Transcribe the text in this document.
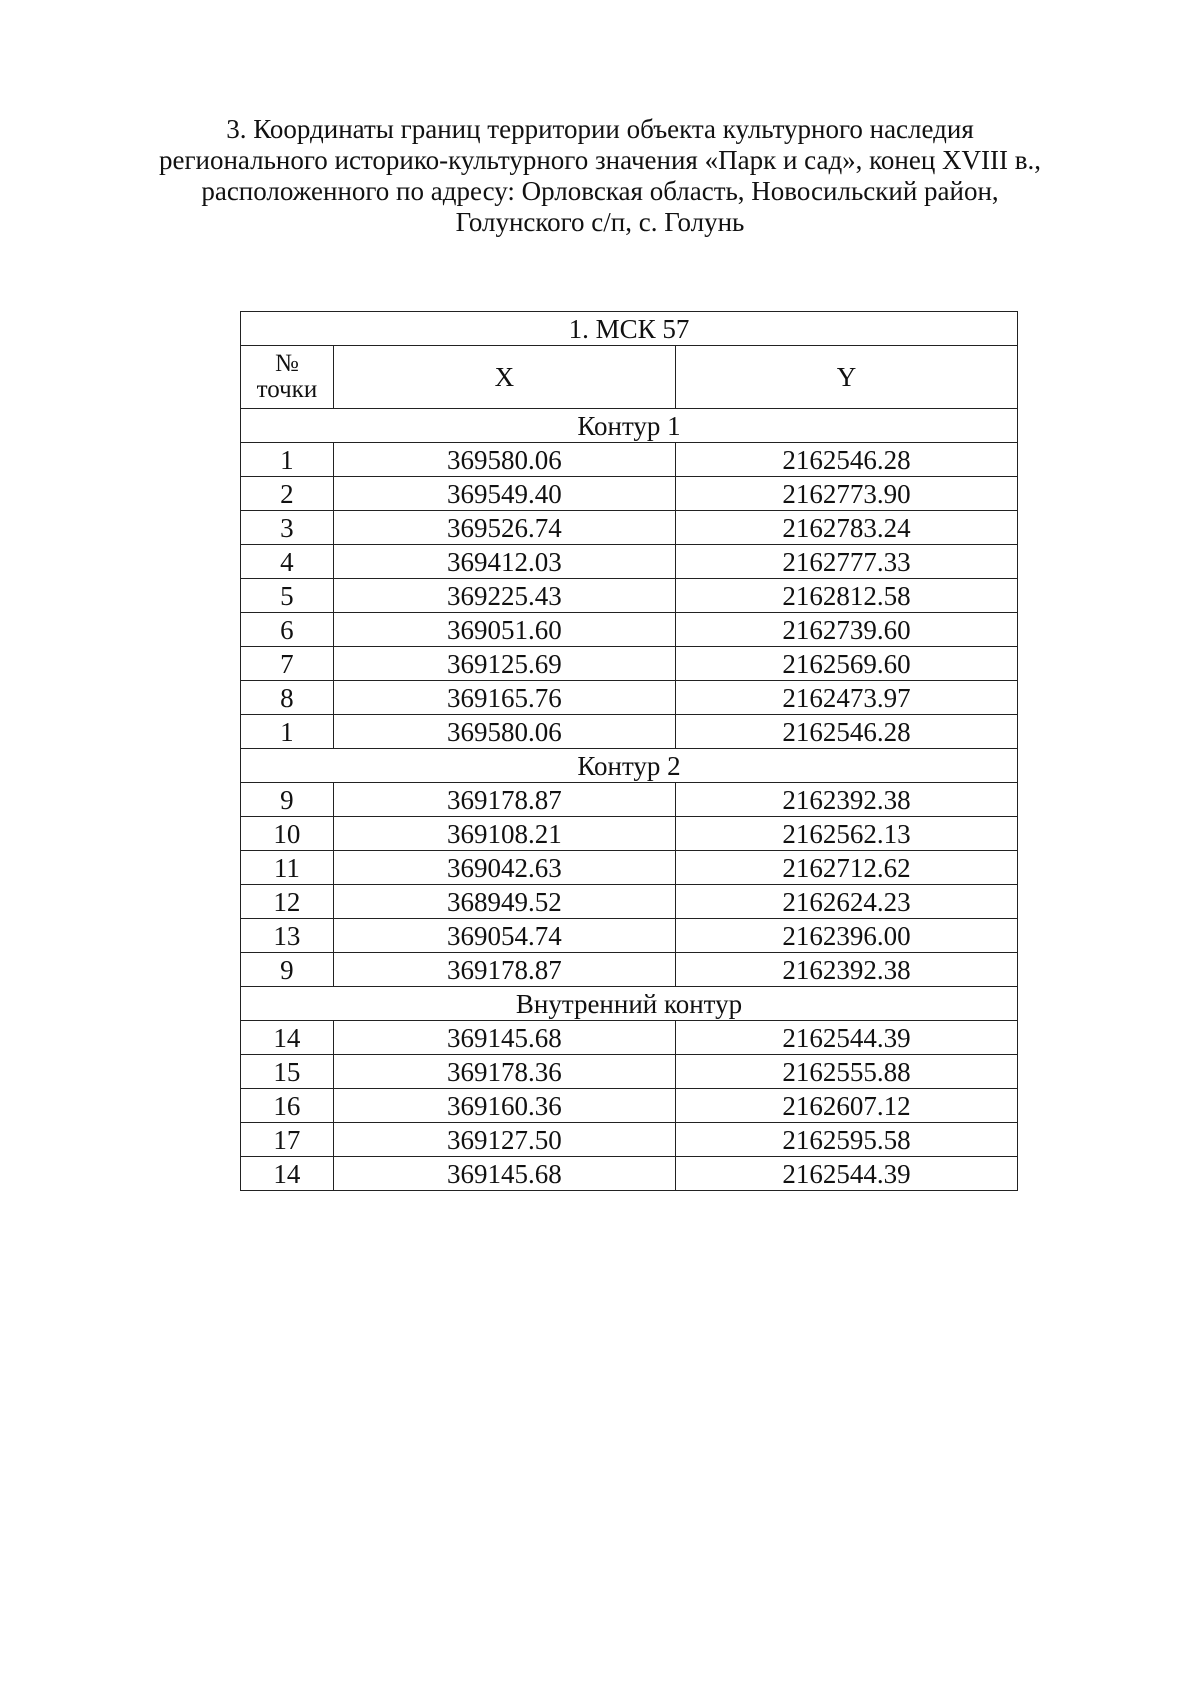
3. Координаты границ территории объекта культурного наследия
регионального историко-культурного значения «Парк и сад», конец XVIII в.,
расположенного по адресу: Орловская область, Новосильский район,
Голунского с/п, с. Голунь
1. МСК 57		

№
точки	X	Y
Контур 1		
1	369580.06	2162546.28
2	369549.40	2162773.90
3	369526.74	2162783.24
4	369412.03	2162777.33
5	369225.43	2162812.58
6	369051.60	2162739.60
7	369125.69	2162569.60
8	369165.76	2162473.97
1	369580.06	2162546.28
Контур 2		
9	369178.87	2162392.38
10	369108.21	2162562.13
11	369042.63	2162712.62
12	368949.52	2162624.23
13	369054.74	2162396.00
9	369178.87	2162392.38
Внутренний контур		
14	369145.68	2162544.39
15	369178.36	2162555.88
16	369160.36	2162607.12
17	369127.50	2162595.58
14	369145.68	2162544.39
